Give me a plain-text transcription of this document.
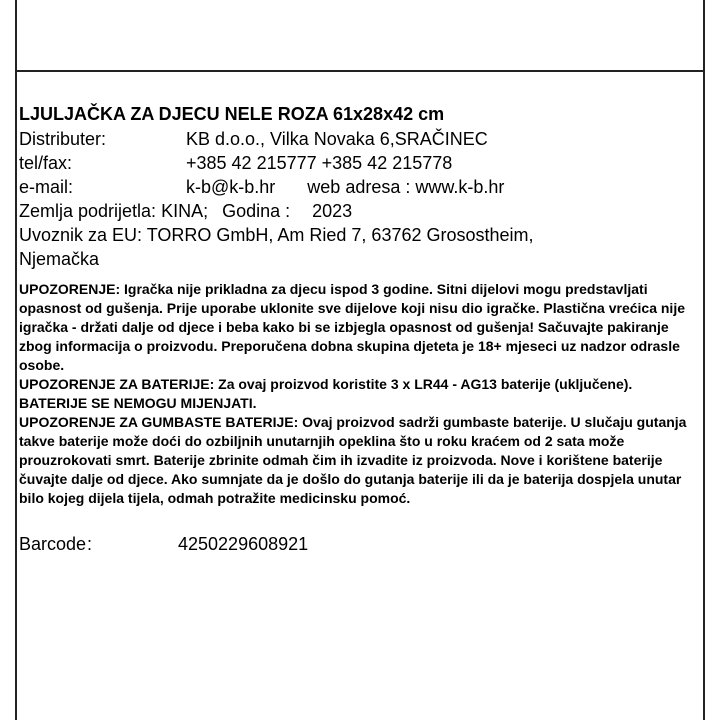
LJULJAČKA ZA DJECU NELE ROZA 61x28x42 cm
Distributer:	KB d.o.o., Vilka Novaka 6,SRAČINEC
tel/fax:	+385 42 215777 +385 42 215778
e-mail:	k-b@k-b.hr web adresa :
www.k-b.hr
Zemlja podrijetla:
KINA; Godina : 2023
Uvoznik za EU: TORRO GmbH, Am Ried 7, 63762 Grosostheim,
Njemačka

UPOZORENJE: Igračka nije prikladna za djecu ispod 3 godine. Sitni dijelovi mogu predstavljati opasnost od gušenja. Prije uporabe uklonite sve dijelove koji nisu dio igračke. Plastična vrećica nije igračka - držati dalje od djece i beba kako bi se izbjegla opasnost od gušenja! Sačuvajte pakiranje zbog informacija o proizvodu. Preporučena dobna skupina djeteta je 18+ mjeseci uz nadzor odrasle osobe.

UPOZORENJE ZA BATERIJE: Za ovaj proizvod koristite 3 x LR44 - AG13 baterije (uključene). BATERIJE SE NEMOGU MIJENJATI.

UPOZORENJE ZA GUMBASTE BATERIJE: Ovaj proizvod sadrži gumbaste baterije. U slučaju gutanja takve baterije može doći do ozbiljnih unutarnjih opeklina što u roku kraćem od 2 sata može prouzrokovati smrt. Baterije zbrinite odmah čim ih izvadite iz proizvoda. Nove i korištene baterije čuvajte dalje od djece. Ako sumnjate da je došlo do gutanja baterije ili da je baterija dospjela unutar bilo kojeg dijela tijela, odmah potražite medicinsku pomoć.

Barcode :	4250229608921
